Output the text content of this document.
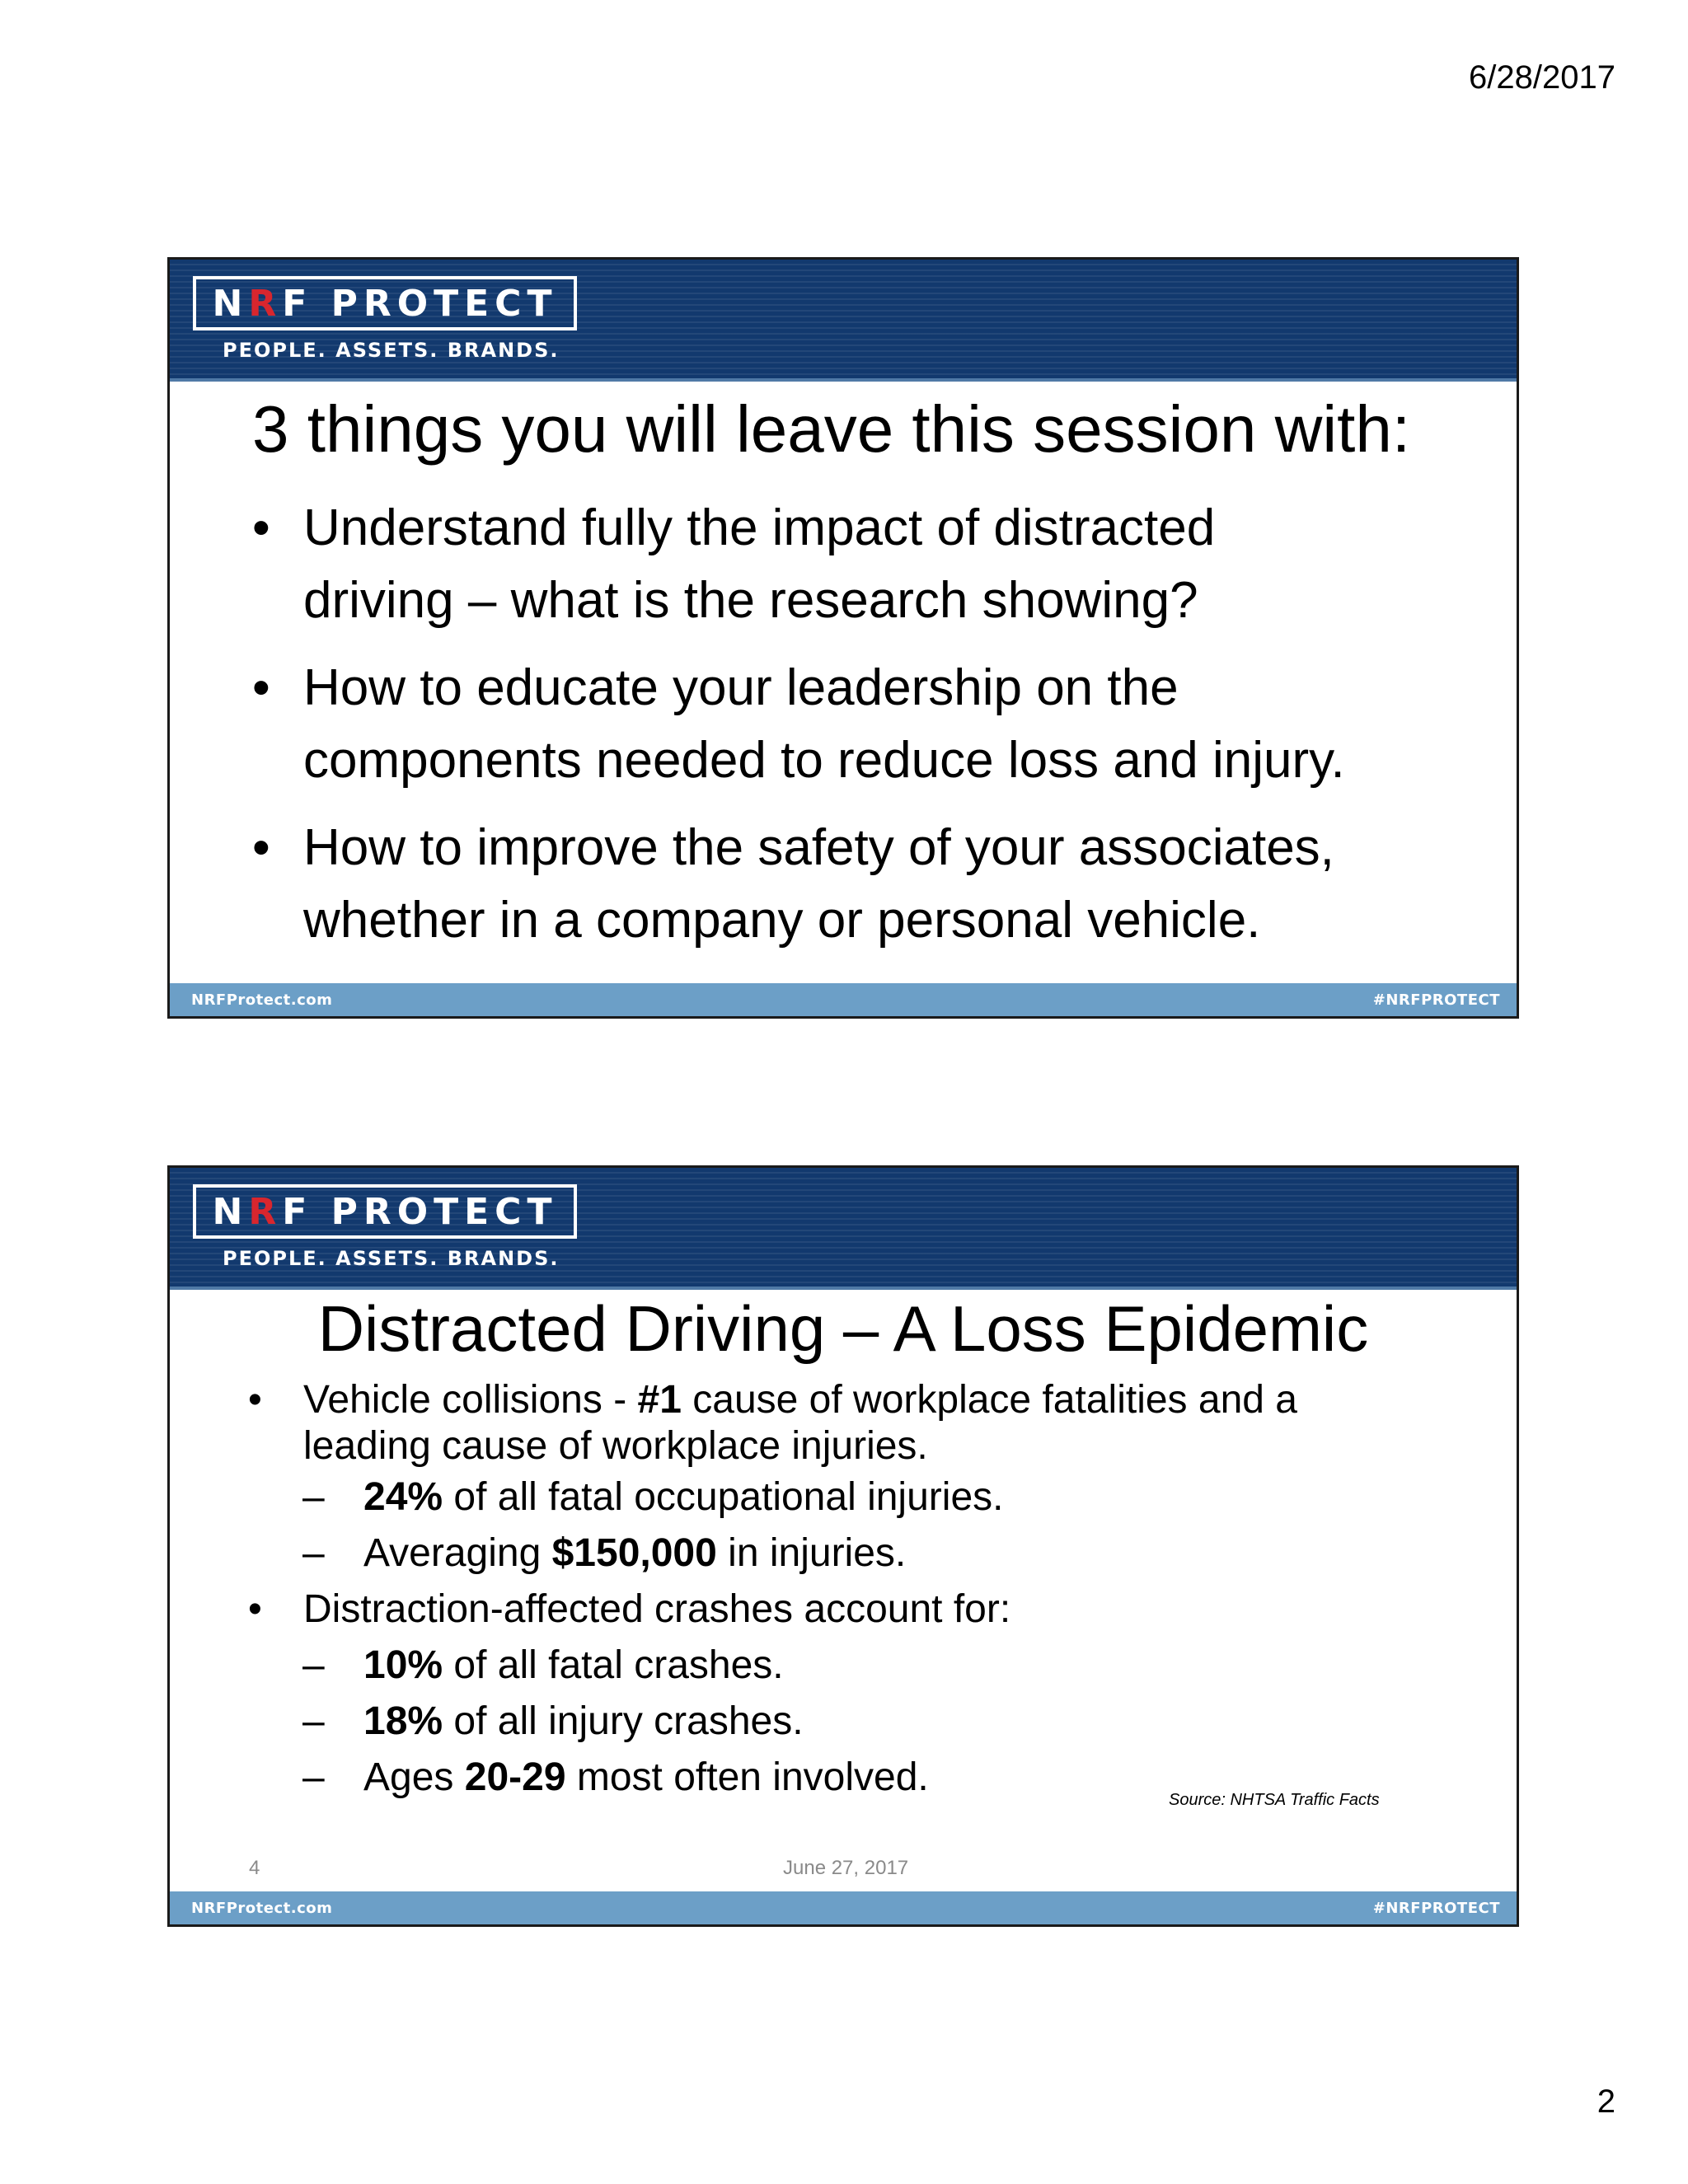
6/28/2017
N R F PROTECT
PEOPLE. ASSETS. BRANDS.
3 things you will leave this session with:
• Understand fully the impact of distracted
driving – what is the research showing?
• How to educate your leadership on the
components needed to reduce loss and injury.
• How to improve the safety of your associates,
whether in a company or personal vehicle.
NRFProtect.com	#NRFPROTECT
N R F PROTECT
PEOPLE. ASSETS. BRANDS.
Distracted Driving – A Loss Epidemic
• Vehicle collisions - #1 cause of workplace fatalities and a
leading cause of workplace injuries.
– 24% of all fatal occupational injuries.
– Averaging $150,000 in injuries.
• Distraction-affected crashes account for:
– 10% of all fatal crashes.
– 18% of all injury crashes.
– Ages 20-29 most often involved.
Source: NHTSA Traffic Facts
4	June 27, 2017
NRFProtect.com	#NRFPROTECT
2
